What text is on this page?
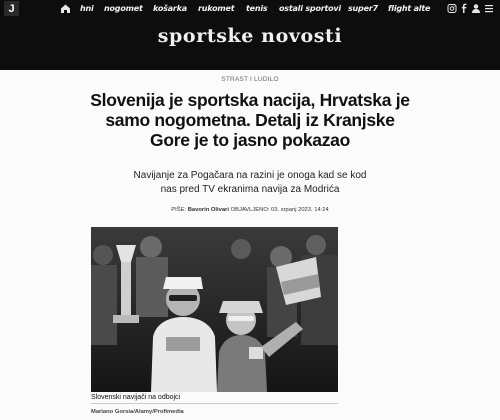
J	hni nogomet košarka rukomet tenis ostali sportovi super7 flight alte
sportske novosti
STRAST I LUDILO
Slovenija je sportska nacija, Hrvatska je samo nogometna. Detalj iz Kranjske Gore je to jasno pokazao

Navijanje za Pogačara na razini je onoga kad se kod nas pred TV ekranima navija za Modrića

PIŠE: Bavorin Olivari OBJAVLJENO: 03. srpanj 2023. 14:24
Slovenski navijači na odbojci
Mariano Gorsia/Alamy/Profimedia
